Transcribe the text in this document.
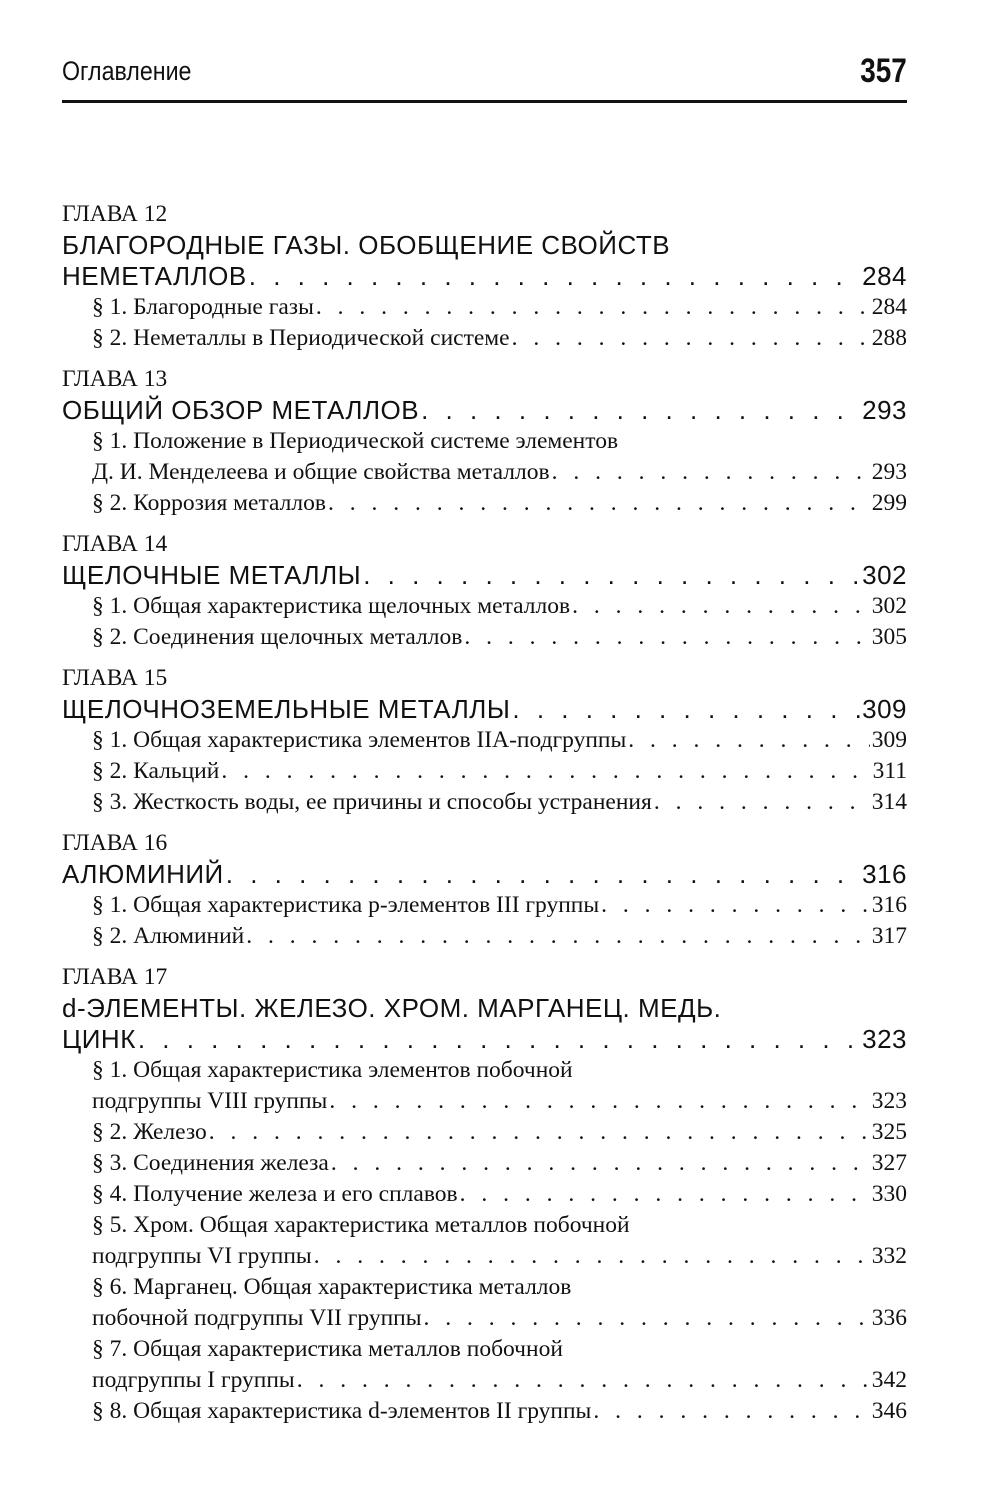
Оглавление	357
ГЛАВА 12
БЛАГОРОДНЫЕ ГАЗЫ. ОБОБЩЕНИЕ СВОЙСТВ
НЕМЕТАЛЛОВ . . .	284
§ 1. Благородные газы . . .	284
§ 2. Неметаллы в Периодической системе . . .	288
ГЛАВА 13
ОБЩИЙ ОБЗОР МЕТАЛЛОВ . . .	293
§ 1. Положение в Периодической системе элементов
Д. И. Менделеева и общие свойства металлов . . .	293
§ 2. Коррозия металлов . . .	299
ГЛАВА 14
ЩЕЛОЧНЫЕ МЕТАЛЛЫ . . .	302
§ 1. Общая характеристика щелочных металлов . . .	302
§ 2. Соединения щелочных металлов . . .	305
ГЛАВА 15
ЩЕЛОЧНОЗЕМЕЛЬНЫЕ МЕТАЛЛЫ . . .	309
§ 1. Общая характеристика элементов IIA-подгруппы . . .	309
§ 2. Кальций . . .	311
§ 3. Жесткость воды, ее причины и способы устранения . . .	314
ГЛАВА 16
АЛЮМИНИЙ . . .	316
§ 1. Общая характеристика p-элементов III группы . . .	316
§ 2. Алюминий . . .	317
ГЛАВА 17
d-ЭЛЕМЕНТЫ. ЖЕЛЕЗО. ХРОМ. МАРГАНЕЦ. МЕДЬ.
ЦИНК . . .	323
§ 1. Общая характеристика элементов побочной
подгруппы VIII группы . . .	323
§ 2. Железо . . .	325
§ 3. Соединения железа . . .	327
§ 4. Получение железа и его сплавов . . .	330
§ 5. Хром. Общая характеристика металлов побочной
подгруппы VI группы . . .	332
§ 6. Марганец. Общая характеристика металлов
побочной подгруппы VII группы . . .	336
§ 7. Общая характеристика металлов побочной
подгруппы I группы . . .	342
§ 8. Общая характеристика d-элементов II группы . . .	346
